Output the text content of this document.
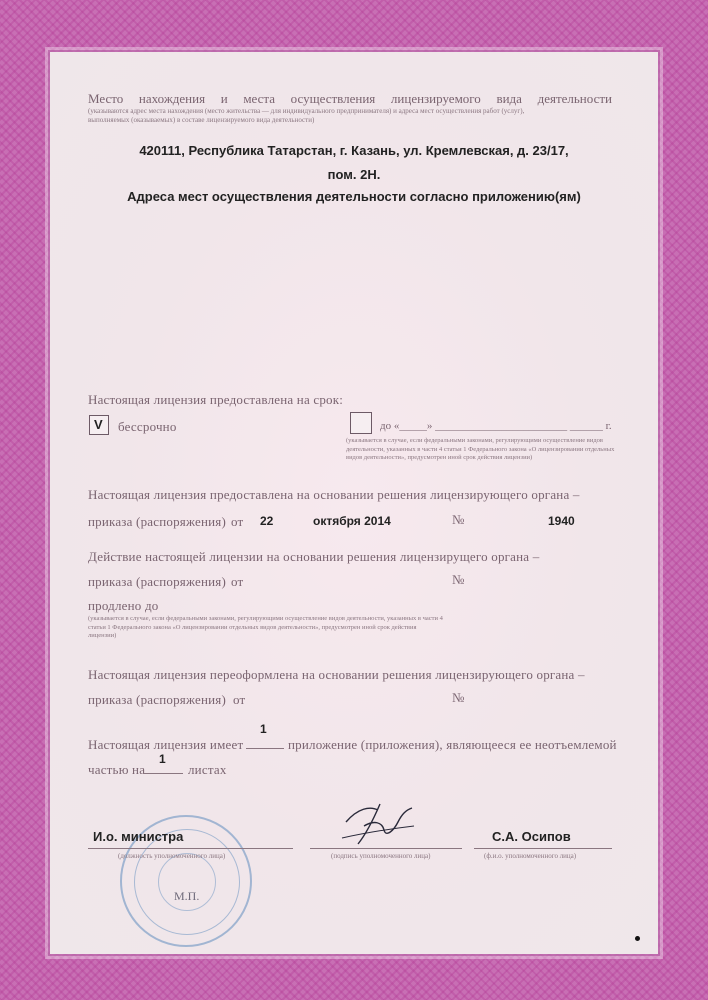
Место нахождения и места осуществления лицензируемого вида деятельности
(указываются адрес места нахождения (место жительства — для индивидуального предпринимателя) и адреса мест осуществления работ (услуг),
выполняемых (оказываемых) в составе лицензируемого вида деятельности)
420111, Республика Татарстан, г. Казань, ул. Кремлевская, д. 23/17,
пом. 2Н.
Адреса мест осуществления деятельности согласно приложению(ям)
Настоящая лицензия предоставлена на срок:
V бессрочно	до «_____» ________________________ ______ г.
(указывается в случае, если федеральными законами, регулирующими осуществление видов деятельности, указанных в части 4 статьи 1 Федерального закона «О лицензировании отдельных видов деятельности», предусмотрен иной срок действия лицензии)
Настоящая лицензия предоставлена на основании решения лицензирующего органа –
приказа (распоряжения) от 22	октября 2014	№	1940
Действие настоящей лицензии на основании решения лицензирущего органа –
приказа (распоряжения) от	№
продлено до
(указывается в случае, если федеральными законами, регулирующими осуществление видов деятельности, указанных в части 4 статьи 1 Федерального закона «О лицензировании отдельных видов деятельности», предусмотрен иной срок действия лицензии)
Настоящая лицензия переоформлена на основании решения лицензирующего органа –
приказа (распоряжения) от	№
Настоящая лицензия имеет
1
приложение (приложения), являющееся ее неотъемлемой
частью на
1
листах
М.П.
И.о. министра
(должность уполномоченного лица)	(подпись уполномоченного лица)
С.А. Осипов
(ф.и.о. уполномоченного лица)
